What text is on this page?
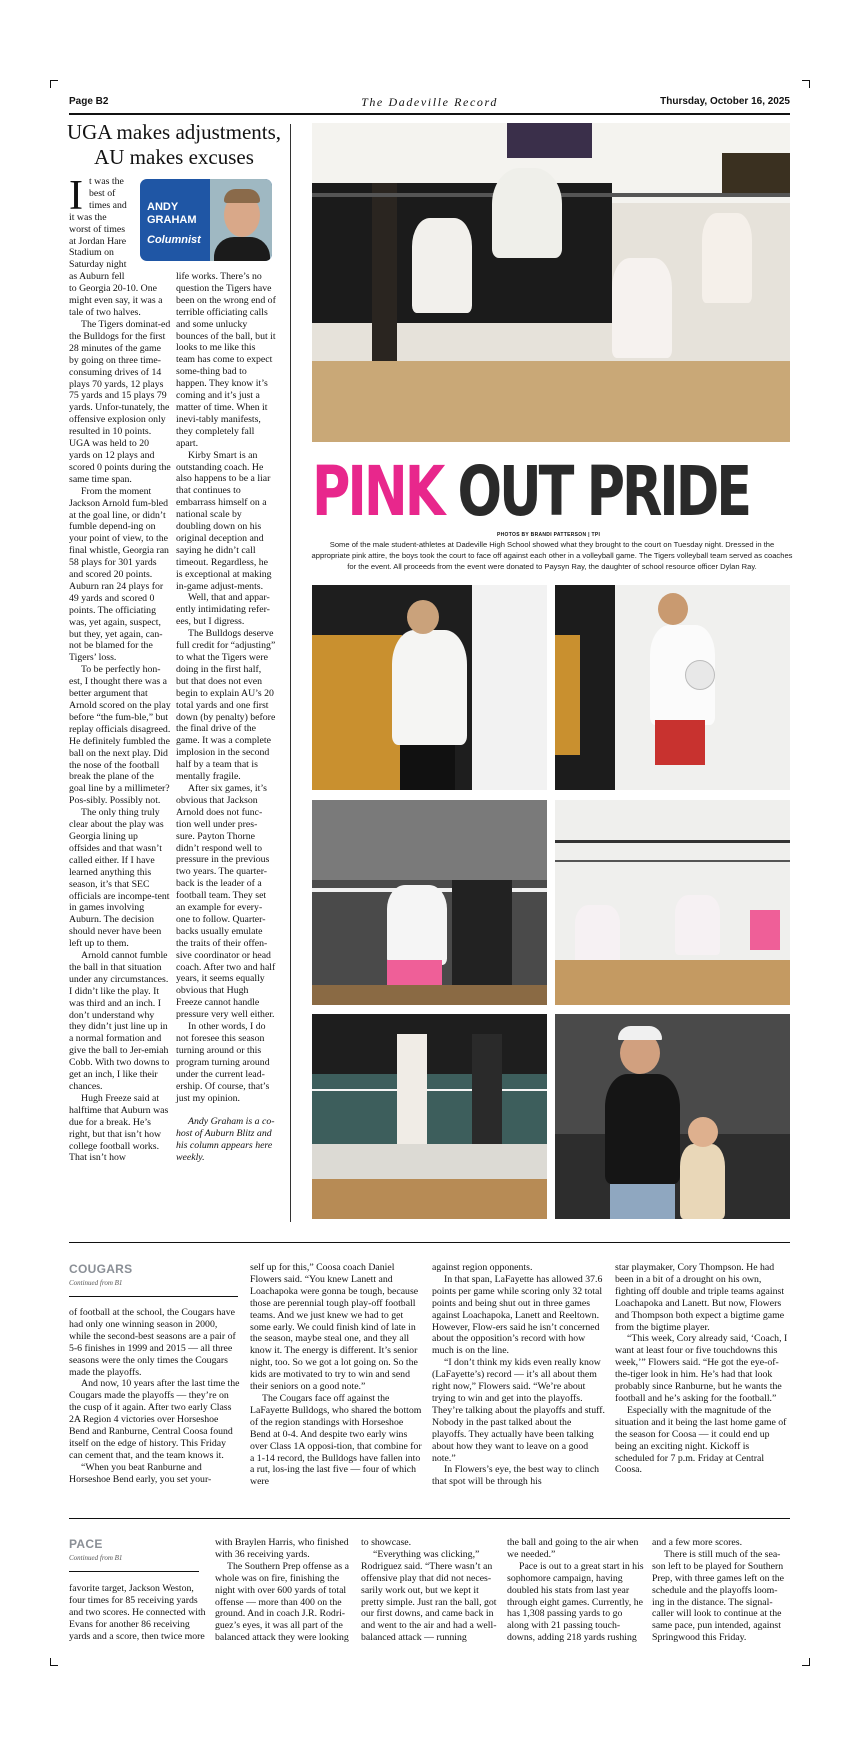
Page B2	The Dadeville Record	Thursday, October 16, 2025
UGA makes adjustments, AU makes excuses
ANDY
GRAHAM
Columnist
I t was the
best of
times and
it was the
worst of times
at Jordan Hare
Stadium on
Saturday night
as Auburn fell
to Georgia 20-10. One
might even say, it was a
tale of two halves.

The Tigers dominat-ed the Bulldogs for the first 28 minutes of the game by going on three time-consuming drives of 14 plays 70 yards, 12 plays 75 yards and 15 plays 79 yards. Unfor-tunately, the offensive explosion only resulted in 10 points. UGA was held to 20 yards on 12 plays and scored 0 points during the same time span.

From the moment Jackson Arnold fum-bled at the goal line, or didn’t fumble depend-ing on your point of view, to the final whistle, Georgia ran 58 plays for 301 yards and scored 20 points. Auburn ran 24 plays for 49 yards and scored 0 points. The officiating was, yet again, suspect, but they, yet again, can-not be blamed for the Tigers’ loss.

To be perfectly hon-est, I thought there was a better argument that Arnold scored on the play before “the fum-ble,” but replay officials disagreed. He definitely fumbled the ball on the next play. Did the nose of the football break the plane of the goal line by a millimeter? Pos-sibly. Possibly not.

The only thing truly clear about the play was Georgia lining up offsides and that wasn’t called either. If I have learned anything this season, it’s that SEC officials are incompe-tent in games involving Auburn. The decision should never have been left up to them.

Arnold cannot fumble the ball in that situation under any circumstances. I didn’t like the play. It was third and an inch. I don’t understand why they didn’t just line up in a normal formation and give the ball to Jer-emiah Cobb. With two downs to get an inch, I like their chances.

Hugh Freeze said at halftime that Auburn was due for a break. He’s right, but that isn’t how college football works. That isn’t how

life works. There’s no question the Tigers have been on the wrong end of terrible officiating calls and some unlucky bounces of the ball, but it looks to me like this team has come to expect some-thing bad to happen. They know it’s coming and it’s just a matter of time. When it inevi-tably manifests, they completely fall apart.

Kirby Smart is an outstanding coach. He also happens to be a liar that continues to embarrass himself on a national scale by doubling down on his original deception and saying he didn’t call timeout. Regardless, he is exceptional at making in-game adjust-ments.

Well, that and appar-ently intimidating refer-ees, but I digress.

The Bulldogs deserve full credit for “adjusting” to what the Tigers were doing in the first half, but that does not even begin to explain AU’s 20 total yards and one first down (by penalty) before the final drive of the game. It was a complete implosion in the second half by a team that is mentally fragile.

After six games, it’s obvious that Jackson Arnold does not func-tion well under pres-sure. Payton Thorne didn’t respond well to pressure in the previous two years. The quarter-back is the leader of a football team. They set an example for every-one to follow. Quarter-backs usually emulate the traits of their offen-sive coordinator or head coach. After two and half years, it seems equally obvious that Hugh Freeze cannot handle pressure very well either.

In other words, I do not foresee this season turning around or this program turning around under the current lead-ership. Of course, that’s just my opinion.

Andy Graham is a co-host of Auburn Blitz and his column appears here weekly.

PINK OUT PRIDE
PHOTOS BY BRANDI PATTERSON | TPI
Some of the male student-athletes at Dadeville High School showed what they brought to the court on Tuesday night. Dressed in the appropriate pink attire, the boys took the court to face off against each other in a volleyball game. The Tigers volleyball team served as coaches for the event. All proceeds from the event were donated to Paysyn Ray, the daughter of school resource officer Dylan Ray.
COUGARS
Continued from B1

of football at the school, the Cougars have had only one winning season in 2000, while the second-best seasons are a pair of 5-6 finishes in 1999 and 2015 — all three seasons were the only times the Cougars made the playoffs.

And now, 10 years after the last time the Cougars made the playoffs — they’re on the cusp of it again. After two early Class 2A Region 4 victories over Horseshoe Bend and Ranburne, Central Coosa found itself on the edge of history. This Friday can cement that, and the team knows it.

“When you beat Ranburne and Horseshoe Bend early, you set your-

self up for this,” Coosa coach Daniel Flowers said. “You knew Lanett and Loachapoka were gonna be tough, because those are perennial tough play-off football teams. And we just knew we had to get some early. We could finish kind of late in the season, maybe steal one, and they all know it. The energy is different. It’s senior night, too. So we got a lot going on. So the kids are motivated to try to win and send their seniors on a good note.”

The Cougars face off against the LaFayette Bulldogs, who shared the bottom of the region standings with Horseshoe Bend at 0-4. And despite two early wins over Class 1A opposi-tion, that combine for a 1-14 record, the Bulldogs have fallen into a rut, los-ing the last five — four of which were

against region opponents.

In that span, LaFayette has allowed 37.6 points per game while scoring only 32 total points and being shut out in three games against Loachapoka, Lanett and Reeltown. However, Flow-ers said he isn’t concerned about the opposition’s record with how much is on the line.

“I don’t think my kids even really know (LaFayette’s) record — it’s all about them right now,” Flowers said. “We’re about trying to win and get into the playoffs. They’re talking about the playoffs and stuff. Nobody in the past talked about the playoffs. They actually have been talking about how they want to leave on a good note.”

In Flowers’s eye, the best way to clinch that spot will be through his

star playmaker, Cory Thompson. He had been in a bit of a drought on his own, fighting off double and triple teams against Loachapoka and Lanett. But now, Flowers and Thompson both expect a bigtime game from the bigtime player.

“This week, Cory already said, ‘Coach, I want at least four or five touchdowns this week,’” Flowers said. “He got the eye-of-the-tiger look in him. He’s had that look probably since Ranburne, but he wants the football and he’s asking for the football.”

Especially with the magnitude of the situation and it being the last home game of the season for Coosa — it could end up being an exciting night. Kickoff is scheduled for 7 p.m. Friday at Central Coosa.

PACE
Continued from B1

favorite target, Jackson Weston, four times for 85 receiving yards and two scores. He connected with Evans for another 86 receiving yards and a score, then twice more

with Braylen Harris, who finished with 36 receiving yards.

The Southern Prep offense as a whole was on fire, finishing the night with over 600 yards of total offense — more than 400 on the ground. And in coach J.R. Rodri-guez’s eyes, it was all part of the balanced attack they were looking

to showcase.

“Everything was clicking,” Rodriguez said. “There wasn’t an offensive play that did not neces-sarily work out, but we kept it pretty simple. Just ran the ball, got our first downs, and came back in and went to the air and had a well-balanced attack — running

the ball and going to the air when we needed.”

Pace is out to a great start in his sophomore campaign, having doubled his stats from last year through eight games. Currently, he has 1,308 passing yards to go along with 21 passing touch-downs, adding 218 yards rushing

and a few more scores.

There is still much of the sea-son left to be played for Southern Prep, with three games left on the schedule and the playoffs loom-ing in the distance. The signal-caller will look to continue at the same pace, pun intended, against Springwood this Friday.
